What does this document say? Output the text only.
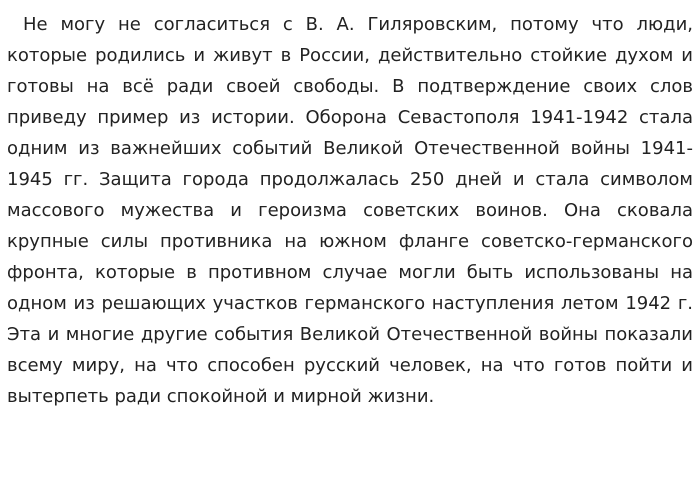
Не могу не согласиться с В. А. Гиляровским, потому что люди, которые родились и живут в России, действительно стойкие духом и готовы на всё ради своей свободы. В подтверждение своих слов приведу пример из истории. Оборона Севастополя 1941-1942 стала одним из важнейших событий Великой Отечественной войны 1941-1945 гг. Защита города продолжалась 250 дней и стала символом массового мужества и героизма советских воинов. Она сковала крупные силы противника на южном фланге советско-германского фронта, которые в противном случае могли быть использованы на одном из решающих участков германского наступления летом 1942 г. Эта и многие другие события Великой Отечественной войны показали всему миру, на что способен русский человек, на что готов пойти и вытерпеть ради спокойной и мирной жизни.
